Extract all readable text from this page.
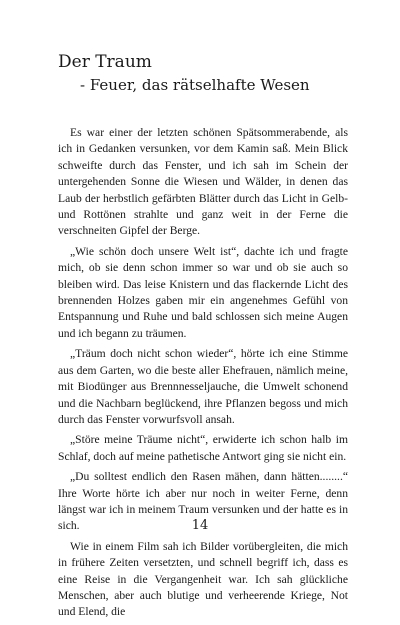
Der Traum
- Feuer, das rätselhafte Wesen

Es war einer der letzten schönen Spätsommerabende, als ich in Gedanken versunken, vor dem Kamin saß. Mein Blick schweifte durch das Fenster, und ich sah im Schein der untergehenden Sonne die Wiesen und Wälder, in denen das Laub der herbstlich gefärbten Blätter durch das Licht in Gelb- und Rottönen strahlte und ganz weit in der Ferne die verschneiten Gipfel der Berge.

„Wie schön doch unsere Welt ist“, dachte ich und fragte mich, ob sie denn schon immer so war und ob sie auch so bleiben wird. Das leise Knistern und das flackernde Licht des brennenden Holzes gaben mir ein angenehmes Gefühl von Entspannung und Ruhe und bald schlossen sich meine Augen und ich begann zu träumen.

„Träum doch nicht schon wieder“, hörte ich eine Stimme aus dem Garten, wo die beste aller Ehefrauen, nämlich meine, mit Biodünger aus Brennnesseljauche, die Umwelt schonend und die Nachbarn beglückend, ihre Pflanzen begoss und mich durch das Fenster vorwurfsvoll ansah.

„Störe meine Träume nicht“, erwiderte ich schon halb im Schlaf, doch auf meine pathetische Antwort ging sie nicht ein.

„Du solltest endlich den Rasen mähen, dann hätten........“ Ihre Worte hörte ich aber nur noch in weiter Ferne, denn längst war ich in meinem Traum versunken und der hatte es in sich.

Wie in einem Film sah ich Bilder vorübergleiten, die mich in frühere Zeiten versetzten, und schnell begriff ich, dass es eine Reise in die Vergangenheit war. Ich sah glückliche Menschen, aber auch blutige und verheerende Kriege, Not und Elend, die

14
